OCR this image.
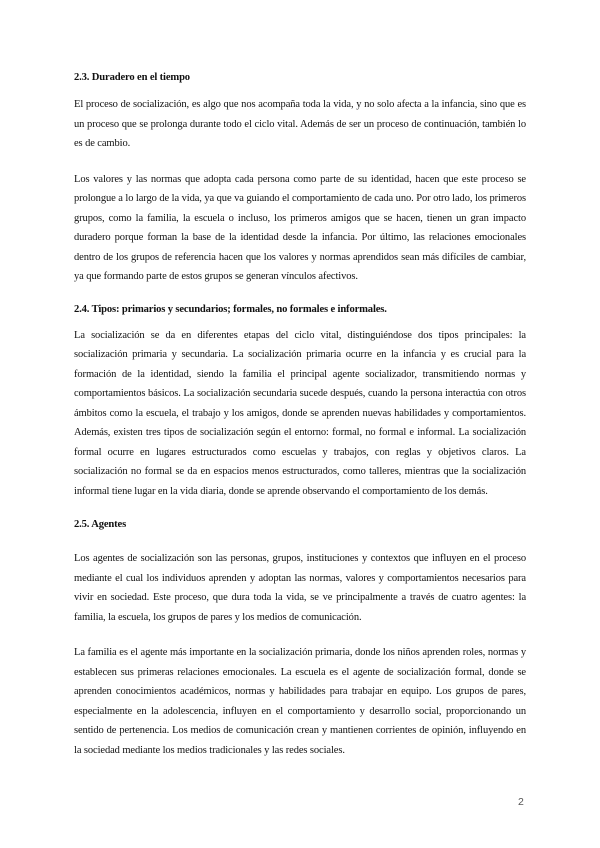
2.3. Duradero en el tiempo

El proceso de socialización, es algo que nos acompaña toda la vida, y no solo afecta a la infancia, sino que es un proceso que se prolonga durante todo el ciclo vital. Además de ser un proceso de continuación, también lo es de cambio.

Los valores y las normas que adopta cada persona como parte de su identidad, hacen que este proceso se prolongue a lo largo de la vida, ya que va guiando el comportamiento de cada uno. Por otro lado, los primeros grupos, como la familia, la escuela o incluso, los primeros amigos que se hacen, tienen un gran impacto duradero porque forman la base de la identidad desde la infancia. Por último, las relaciones emocionales dentro de los grupos de referencia hacen que los valores y normas aprendidos sean más difíciles de cambiar, ya que formando parte de estos grupos se generan vínculos afectivos.

2.4. Tipos: primarios y secundarios; formales, no formales e informales.

La socialización se da en diferentes etapas del ciclo vital, distinguiéndose dos tipos principales: la socialización primaria y secundaria. La socialización primaria ocurre en la infancia y es crucial para la formación de la identidad, siendo la familia el principal agente socializador, transmitiendo normas y comportamientos básicos. La socialización secundaria sucede después, cuando la persona interactúa con otros ámbitos como la escuela, el trabajo y los amigos, donde se aprenden nuevas habilidades y comportamientos. Además, existen tres tipos de socialización según el entorno: formal, no formal e informal. La socialización formal ocurre en lugares estructurados como escuelas y trabajos, con reglas y objetivos claros. La socialización no formal se da en espacios menos estructurados, como talleres, mientras que la socialización informal tiene lugar en la vida diaria, donde se aprende observando el comportamiento de los demás.

2.5. Agentes

Los agentes de socialización son las personas, grupos, instituciones y contextos que influyen en el proceso mediante el cual los individuos aprenden y adoptan las normas, valores y comportamientos necesarios para vivir en sociedad. Este proceso, que dura toda la vida, se ve principalmente a través de cuatro agentes: la familia, la escuela, los grupos de pares y los medios de comunicación.

La familia es el agente más importante en la socialización primaria, donde los niños aprenden roles, normas y establecen sus primeras relaciones emocionales. La escuela es el agente de socialización formal, donde se aprenden conocimientos académicos, normas y habilidades para trabajar en equipo. Los grupos de pares, especialmente en la adolescencia, influyen en el comportamiento y desarrollo social, proporcionando un sentido de pertenencia. Los medios de comunicación crean y mantienen corrientes de opinión, influyendo en la sociedad mediante los medios tradicionales y las redes sociales.

2
